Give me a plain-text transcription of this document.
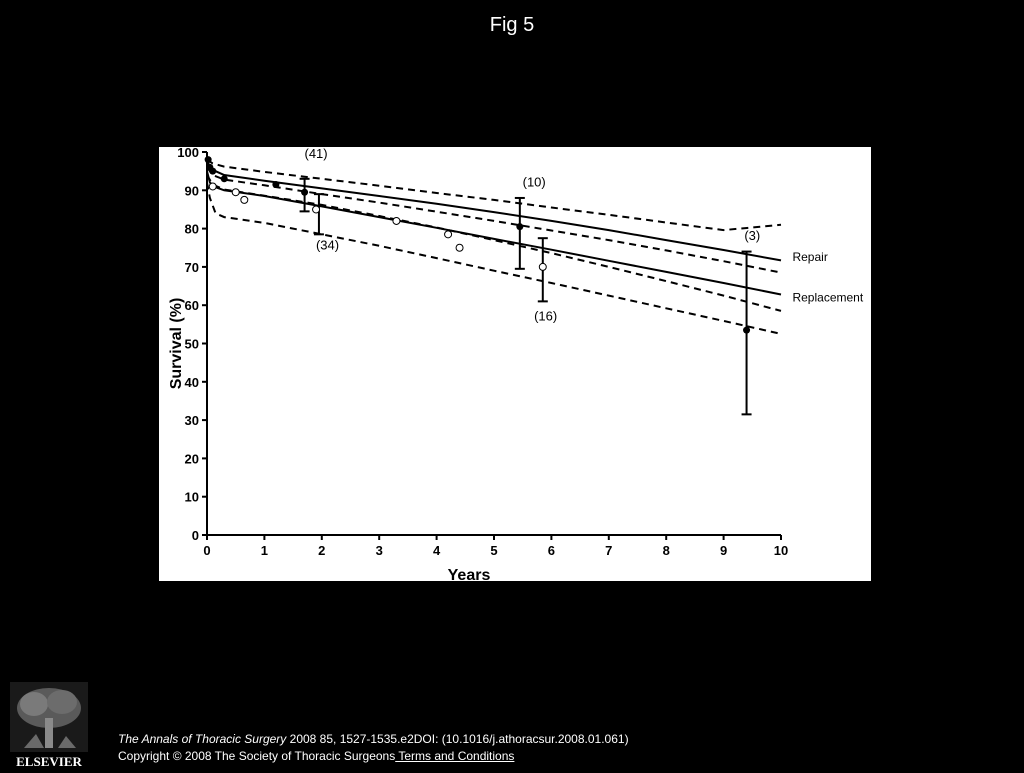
Fig 5
0
10
20
30
40
50
60
70
80
90
100
0	1	2	3	4	5	6	7	8	9	10
Years
Survival (%)
(41)
(34)
(10)
(16)
(3)
Repair
Replacement
ELSEVIER
The Annals of Thoracic Surgery 2008 85, 1527-1535.e2DOI: (10.1016/j.athoracsur.2008.01.061)
Copyright © 2008 The Society of Thoracic Surgeons Terms and Conditions
